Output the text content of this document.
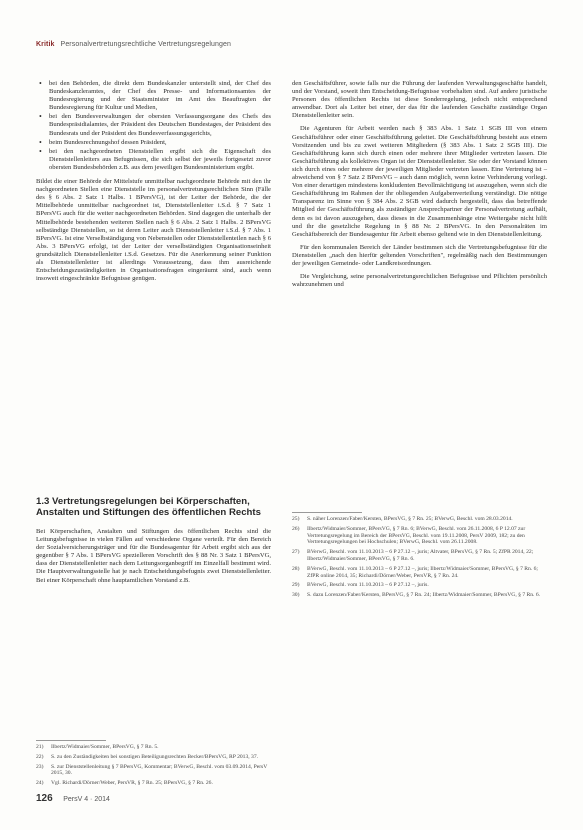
Kritik Personalvertretungsrechtliche Vertretungsregelungen
• bei den Behörden, die direkt dem Bundeskanzler unterstellt sind, der Chef des Bundeskanzleramtes, der Chef des Presse- und Informationsamtes der Bundesregierung und der Staatsminister im Amt des Beauftragten der Bundesregierung für Kultur und Medien,
• bei den Bundesverwaltungen der obersten Verfassungsorgane des Chefs des Bundespräsidialamtes, der Präsident des Deutschen Bundestages, der Präsident des Bundesrats und der Präsident des Bundesverfassungsgerichts,
• beim Bundesrechnungshof dessen Präsident,
• bei den nachgeordneten Dienststellen ergibt sich die Eigenschaft des Dienststellenleiters aus Befugnissen, die sich selbst der jeweils fortgesetzt zuvor obersten Bundesbehörden z.B. aus dem jeweiligen Bundesministerium ergibt.

Bildet die einer Behörde der Mittelstufe unmittelbar nachgeordnete Behörde mit den ihr nachgeordneten Stellen eine Dienststelle im personalvertretungsrechtlichen Sinn (Fälle des § 6 Abs. 2 Satz 1 Halbs. 1 BPersVG), ist der Leiter der Behörde, die der Mittelbehörde unmittelbar nachgeordnet ist, Dienststellenleiter i.S.d. § 7 Satz 1 BPersVG auch für die weiter nachgeordneten Behörden. Sind dagegen die unterhalb der Mittelbehörde bestehenden weiteren Stellen nach § 6 Abs. 2 Satz 1 Halbs. 2 BPersVG selbständige Dienststellen, so ist deren Leiter auch Dienststellenleiter i.S.d. § 7 Abs. 1 BPersVG. Ist eine Verselbständigung von Nebenstellen oder Dienststellenteilen nach § 6 Abs. 3 BPersVG erfolgt, ist der Leiter der verselbständigten Organisationseinheit grundsätzlich Dienststellenleiter i.S.d. Gesetzes. Für die Anerkennung seiner Funktion als Dienststellenleiter ist allerdings Voraussetzung, dass ihm ausreichende Entscheidungszuständigkeiten in Organisationsfragen eingeräumt sind, auch wenn insoweit eingeschränkte Befugnisse genügen.

1.3 Vertretungsregelungen bei Körperschaften, Anstalten und Stiftungen des öffentlichen Rechts

Bei Körperschaften, Anstalten und Stiftungen des öffentlichen Rechts sind die Leitungsbefugnisse in vielen Fällen auf verschiedene Organe verteilt. Für den Bereich der Sozialversicherungsträger und für die Bundesagentur für Arbeit ergibt sich aus der gegenüber § 7 Abs. 1 BPersVG spezielleren Vorschrift des § 88 Nr. 3 Satz 1 BPersVG, dass der Dienststellenleiter nach dem Leitungsorganbegriff im Einzelfall bestimmt wird. Die Hauptverwaltungsstelle hat je nach Entscheidungsbefugnis zwei Dienststellenleiter. Bei einer Körperschaft ohne hauptamtlichen Vorstand z.B.

21)	Ilbertz/Widmaier/Sommer, BPersVG, § 7 Rn. 5.
22)	S. zu den Zuständigkeiten bei sonstigen Beteiligungsrechten Becker/BPersVG, RP 2013, 37.
23)	S. zur Dienststellenleitung § 7 BPersVG, Kommentar; BVerwG, Beschl. vom 03.09.2014, PersV 2015, 30.
24)	Vgl. Richardi/Dörner/Weber, PersVR, § 7 Rn. 25; BPersVG, § 7 Rn. 26.

den Geschäftsführer, sowie falls nur die Führung der laufenden Verwaltungsgeschäfte handelt, und der Vorstand, soweit ihm Entscheidung-Befugnisse vorbehalten sind. Auf andere juristische Personen des öffentlichen Rechts ist diese Sonderregelung, jedoch nicht entsprechend anwendbar. Dort als Leiter bei einer, der das für die laufenden Geschäfte zuständige Organ Dienststellenleiter sein.

Die Agenturen für Arbeit werden nach § 383 Abs. 1 Satz 1 SGB III von einem Geschäftsführer oder einer Geschäftsführung geleitet. Die Geschäftsführung besteht aus einem Vorsitzenden und bis zu zwei weiteren Mitgliedern (§ 383 Abs. 1 Satz 2 SGB III). Die Geschäftsführung kann sich durch einen oder mehrere ihrer Mitglieder vertreten lassen. Die Geschäftsführung als kollektives Organ ist der Dienststellenleiter. Sie oder der Vorstand können sich durch eines oder mehrere der jeweiligen Mitglieder vertreten lassen. Eine Vertretung ist – abweichend von § 7 Satz 2 BPersVG – auch dann möglich, wenn keine Verhinderung vorliegt. Von einer derartigen mindestens konkludenten Bevollmächtigung ist auszugehen, wenn sich die Geschäftsführung im Rahmen der ihr obliegenden Aufgabenverteilung verständigt. Die nötige Transparenz im Sinne von § 384 Abs. 2 SGB wird dadurch hergestellt, dass das betreffende Mitglied der Geschäftsführung als zuständiger Ansprechpartner der Personalvertretung aufhält, denn es ist davon auszugehen, dass dieses in die Zusammenhänge eine Weitergabe nicht hilft und ihr die gesetzliche Regelung in § 88 Nr. 2 BPersVG. In den Personalräten im Geschäftsbereich der Bundesagentur für Arbeit ebenso geltend wie in den Dienststellenleitung.

Für den kommunalen Bereich der Länder bestimmen sich die Vertretungsbefugnisse für die Dienststellen „nach den hierfür geltenden Vorschriften", regelmäßig nach den Bestimmungen der jeweiligen Gemeinde- oder Landkreisordnungen.

Die Vergleichung, seine personalvertretungsrechtlichen Befugnisse und Pflichten persönlich wahrzunehmen und

25)	S. näher Lorenzen/Faber/Kersten, BPersVG, § 7 Rn. 25; BVerwG, Beschl. vom 28.03.2014.
26)	Ilbertz/Widmaier/Sommer, BPersVG, § 7 Rn. 6; BVerwG, Beschl. vom 26.11.2008, 6 P 12.07 zur Vertretungsregelung im Bereich der BPersVG, Beschl. vom 19.11.2008, PersV 2009, 182; zu den Vertretungsregelungen bei Hochschulen; BVerwG, Beschl. vom 26.11.2008.
27)	BVerwG, Beschl. vom 11.10.2013 – 6 P 27.12 –, juris; Altvater, BPersVG, § 7 Rn. 5; ZfPR 2014, 22; Ilbertz/Widmaier/Sommer, BPersVG, § 7 Rn. 6.
28)	BVerwG, Beschl. vom 11.10.2013 – 6 P 27.12 –, juris; Ilbertz/Widmaier/Sommer, BPersVG, § 7 Rn. 6; ZfPR online 2014, 35; Richardi/Dörner/Weber, PersVR, § 7 Rn. 24.
29)	BVerwG, Beschl. vom 11.10.2013 – 6 P 27.12 –, juris.
30)	S. dazu Lorenzen/Faber/Kersten, BPersVG, § 7 Rn. 24; Ilbertz/Widmaier/Sommer, BPersVG, § 7 Rn. 6.
126 PersV 4 · 2014
